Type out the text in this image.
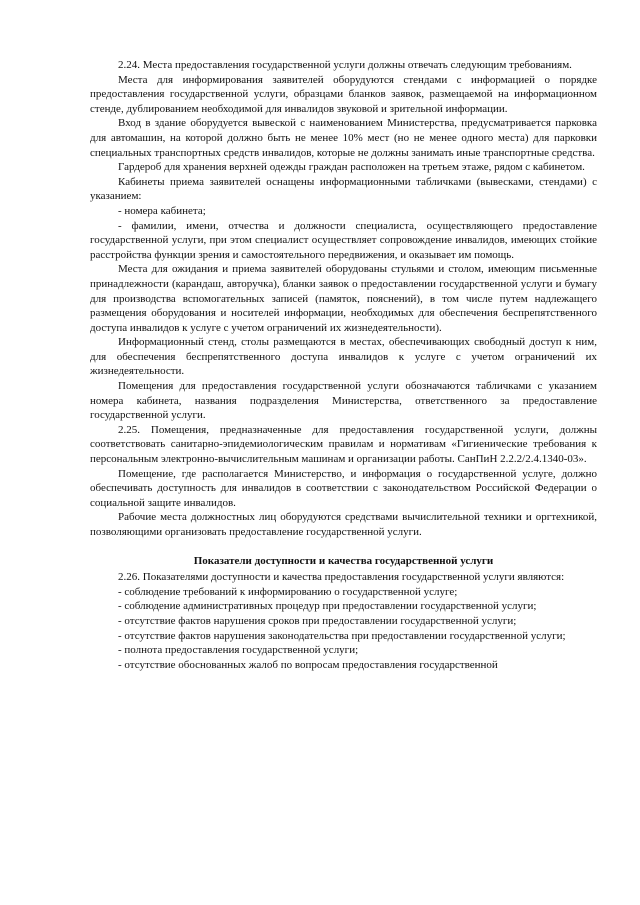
2.24. Места предоставления государственной услуги должны отвечать следующим требованиям.

Места для информирования заявителей оборудуются стендами с информацией о порядке предоставления государственной услуги, образцами бланков заявок, размещаемой на информационном стенде, дублированием необходимой для инвалидов звуковой и зрительной информации.

Вход в здание оборудуется вывеской с наименованием Министерства, предусматривается парковка для автомашин, на которой должно быть не менее 10% мест (но не менее одного места) для парковки специальных транспортных средств инвалидов, которые не должны занимать иные транспортные средства.

Гардероб для хранения верхней одежды граждан расположен на третьем этаже, рядом с кабинетом.

Кабинеты приема заявителей оснащены информационными табличками (вывесками, стендами) с указанием:

- номера кабинета;

- фамилии, имени, отчества и должности специалиста, осуществляющего предоставление государственной услуги, при этом специалист осуществляет сопровождение инвалидов, имеющих стойкие расстройства функции зрения и самостоятельного передвижения, и оказывает им помощь.

Места для ожидания и приема заявителей оборудованы стульями и столом, имеющим письменные принадлежности (карандаш, авторучка), бланки заявок о предоставлении государственной услуги и бумагу для производства вспомогательных записей (памяток, пояснений), в том числе путем надлежащего размещения оборудования и носителей информации, необходимых для обеспечения беспрепятственного доступа инвалидов к услуге с учетом ограничений их жизнедеятельности).

Информационный стенд, столы размещаются в местах, обеспечивающих свободный доступ к ним, для обеспечения беспрепятственного доступа инвалидов к услуге с учетом ограничений их жизнедеятельности.

Помещения для предоставления государственной услуги обозначаются табличками с указанием номера кабинета, названия подразделения Министерства, ответственного за предоставление государственной услуги.

2.25. Помещения, предназначенные для предоставления государственной услуги, должны соответствовать санитарно-эпидемиологическим правилам и нормативам «Гигиенические требования к персональным электронно-вычислительным машинам и организации работы. СанПиН 2.2.2/2.4.1340-03».

Помещение, где располагается Министерство, и информация о государственной услуге, должно обеспечивать доступность для инвалидов в соответствии с законодательством Российской Федерации о социальной защите инвалидов.

Рабочие места должностных лиц оборудуются средствами вычислительной техники и оргтехникой, позволяющими организовать предоставление государственной услуги.

Показатели доступности и качества государственной услуги

2.26. Показателями доступности и качества предоставления государственной услуги являются:

- соблюдение требований к информированию о государственной услуге;

- соблюдение административных процедур при предоставлении государственной услуги;

- отсутствие фактов нарушения сроков при предоставлении государственной услуги;

- отсутствие фактов нарушения законодательства при предоставлении государственной услуги;

- полнота предоставления государственной услуги;

- отсутствие обоснованных жалоб по вопросам предоставления государственной
